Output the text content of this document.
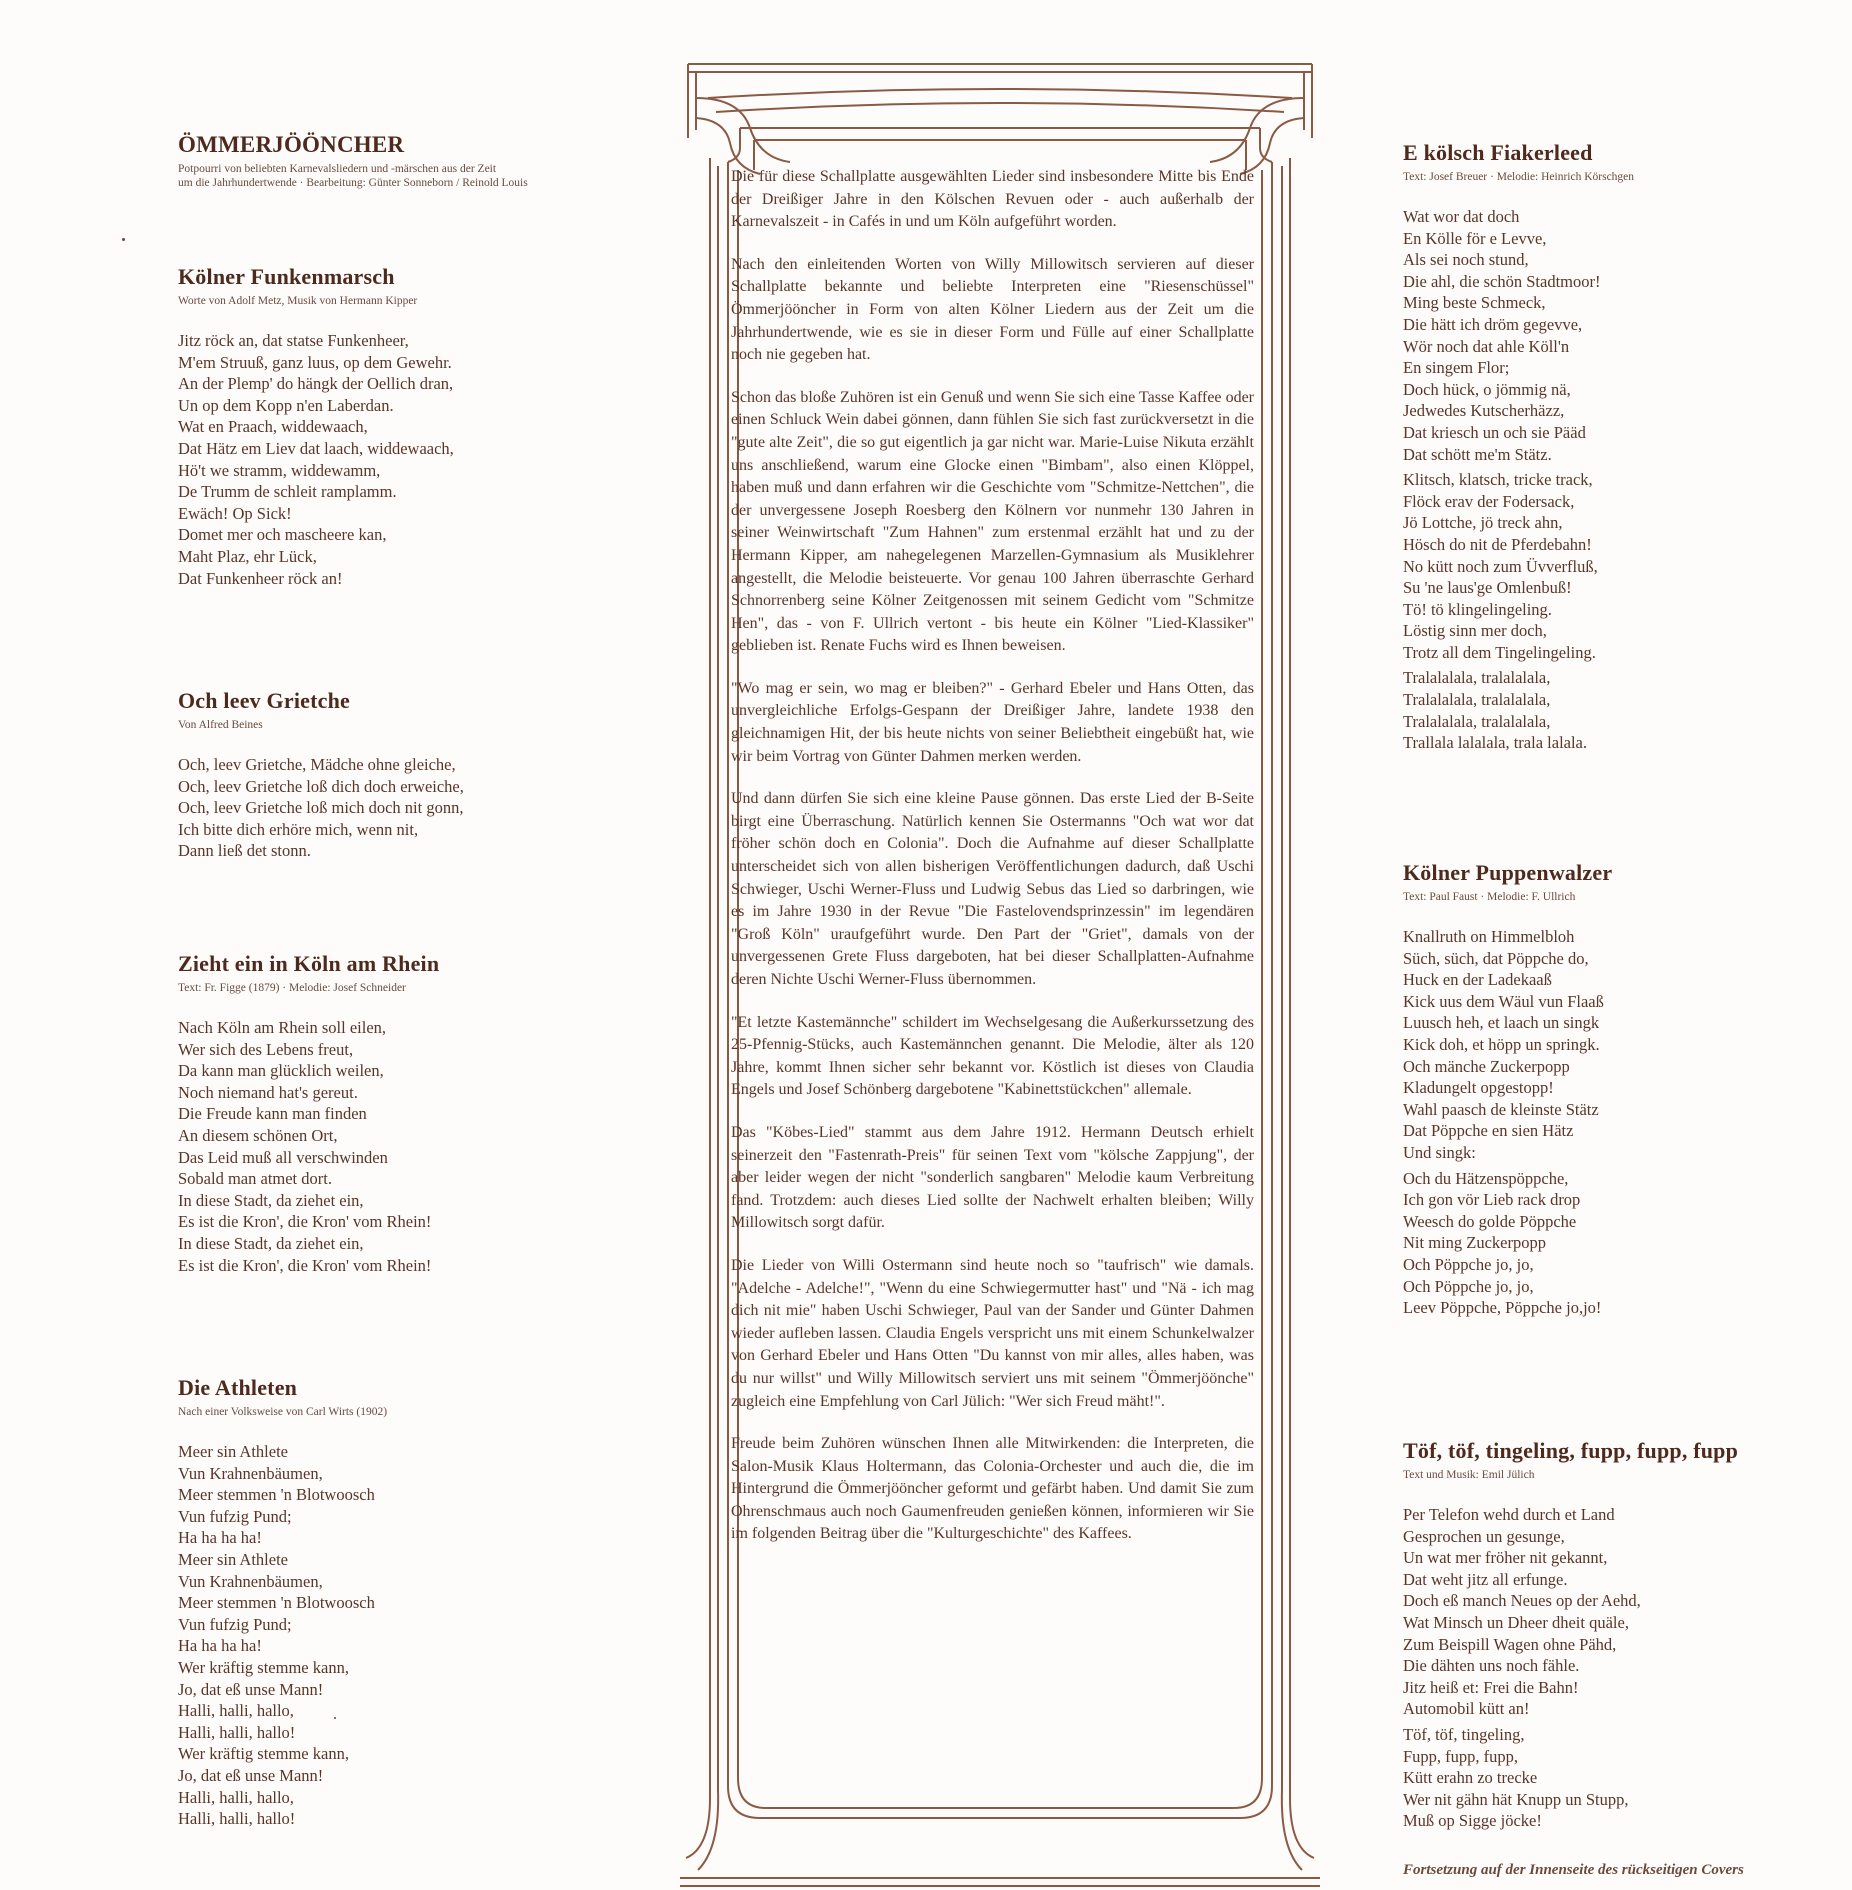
ÖMMERJÖÖNCHER
Potpourri von beliebten Karnevalsliedern und -märschen aus der Zeit
um die Jahrhundertwende · Bearbeitung: Günter Sonneborn / Reinold Louis
Kölner Funkenmarsch
Worte von Adolf Metz, Musik von Hermann Kipper
Jitz röck an, dat statse Funkenheer,
M'em Struuß, ganz luus, op dem Gewehr.
An der Plemp' do hängk der Oellich dran,
Un op dem Kopp n'en Laberdan.
Wat en Praach, widdewaach,
Dat Hätz em Liev dat laach, widdewaach,
Hö't we stramm, widdewamm,
De Trumm de schleit ramplamm.
Ewäch! Op Sick!
Domet mer och mascheere kan,
Maht Plaz, ehr Lück,
Dat Funkenheer röck an!
Och leev Grietche
Von Alfred Beines
Och, leev Grietche, Mädche ohne gleiche,
Och, leev Grietche loß dich doch erweiche,
Och, leev Grietche loß mich doch nit gonn,
Ich bitte dich erhöre mich, wenn nit,
Dann ließ det stonn.
Zieht ein in Köln am Rhein
Text: Fr. Figge (1879) · Melodie: Josef Schneider
Nach Köln am Rhein soll eilen,
Wer sich des Lebens freut,
Da kann man glücklich weilen,
Noch niemand hat's gereut.
Die Freude kann man finden
An diesem schönen Ort,
Das Leid muß all verschwinden
Sobald man atmet dort.
In diese Stadt, da ziehet ein,
Es ist die Kron', die Kron' vom Rhein!
In diese Stadt, da ziehet ein,
Es ist die Kron', die Kron' vom Rhein!
Die Athleten
Nach einer Volksweise von Carl Wirts (1902)
Meer sin Athlete
Vun Krahnenbäumen,
Meer stemmen 'n Blotwoosch
Vun fufzig Pund;
Ha ha ha ha!
Meer sin Athlete
Vun Krahnenbäumen,
Meer stemmen 'n Blotwoosch
Vun fufzig Pund;
Ha ha ha ha!
Wer kräftig stemme kann,
Jo, dat eß unse Mann!
Halli, halli, hallo,
Halli, halli, hallo!
Wer kräftig stemme kann,
Jo, dat eß unse Mann!
Halli, halli, hallo,
Halli, halli, hallo!

Die für diese Schallplatte ausgewählten Lieder sind insbesondere Mitte bis Ende der Dreißiger Jahre in den Kölschen Revuen oder - auch außerhalb der Karnevalszeit - in Cafés in und um Köln aufgeführt worden.

Nach den einleitenden Worten von Willy Millowitsch servieren auf dieser Schallplatte bekannte und beliebte Interpreten eine "Riesenschüssel" Ömmerjööncher in Form von alten Kölner Liedern aus der Zeit um die Jahrhundertwende, wie es sie in dieser Form und Fülle auf einer Schallplatte noch nie gegeben hat.

Schon das bloße Zuhören ist ein Genuß und wenn Sie sich eine Tasse Kaffee oder einen Schluck Wein dabei gönnen, dann fühlen Sie sich fast zurückversetzt in die "gute alte Zeit", die so gut eigentlich ja gar nicht war. Marie-Luise Nikuta erzählt uns anschließend, warum eine Glocke einen "Bimbam", also einen Klöppel, haben muß und dann erfahren wir die Geschichte vom "Schmitze-Nettchen", die der unvergessene Joseph Roesberg den Kölnern vor nunmehr 130 Jahren in seiner Weinwirtschaft "Zum Hahnen" zum erstenmal erzählt hat und zu der Hermann Kipper, am nahegelegenen Marzellen-Gymnasium als Musiklehrer angestellt, die Melodie beisteuerte. Vor genau 100 Jahren überraschte Gerhard Schnorrenberg seine Kölner Zeitgenossen mit seinem Gedicht vom "Schmitze Hen", das - von F. Ullrich vertont - bis heute ein Kölner "Lied-Klassiker" geblieben ist. Renate Fuchs wird es Ihnen beweisen.

"Wo mag er sein, wo mag er bleiben?" - Gerhard Ebeler und Hans Otten, das unvergleichliche Erfolgs-Gespann der Dreißiger Jahre, landete 1938 den gleichnamigen Hit, der bis heute nichts von seiner Beliebtheit eingebüßt hat, wie wir beim Vortrag von Günter Dahmen merken werden.

Und dann dürfen Sie sich eine kleine Pause gönnen. Das erste Lied der B-Seite birgt eine Überraschung. Natürlich kennen Sie Ostermanns "Och wat wor dat fröher schön doch en Colonia". Doch die Aufnahme auf dieser Schallplatte unterscheidet sich von allen bisherigen Veröffentlichungen dadurch, daß Uschi Schwieger, Uschi Werner-Fluss und Ludwig Sebus das Lied so darbringen, wie es im Jahre 1930 in der Revue "Die Fastelovendsprinzessin" im legendären "Groß Köln" uraufgeführt wurde. Den Part der "Griet", damals von der unvergessenen Grete Fluss dargeboten, hat bei dieser Schallplatten-Aufnahme deren Nichte Uschi Werner-Fluss übernommen.

"Et letzte Kastemännche" schildert im Wechselgesang die Außerkurssetzung des 25-Pfennig-Stücks, auch Kastemännchen genannt. Die Melodie, älter als 120 Jahre, kommt Ihnen sicher sehr bekannt vor. Köstlich ist dieses von Claudia Engels und Josef Schönberg dargebotene "Kabinettstückchen" allemale.

Das "Köbes-Lied" stammt aus dem Jahre 1912. Hermann Deutsch erhielt seinerzeit den "Fastenrath-Preis" für seinen Text vom "kölsche Zappjung", der aber leider wegen der nicht "sonderlich sangbaren" Melodie kaum Verbreitung fand. Trotzdem: auch dieses Lied sollte der Nachwelt erhalten bleiben; Willy Millowitsch sorgt dafür.

Die Lieder von Willi Ostermann sind heute noch so "taufrisch" wie damals. "Adelche - Adelche!", "Wenn du eine Schwiegermutter hast" und "Nä - ich mag dich nit mie" haben Uschi Schwieger, Paul van der Sander und Günter Dahmen wieder aufleben lassen. Claudia Engels verspricht uns mit einem Schunkelwalzer von Gerhard Ebeler und Hans Otten "Du kannst von mir alles, alles haben, was du nur willst" und Willy Millowitsch serviert uns mit seinem "Ömmerjöönche" zugleich eine Empfehlung von Carl Jülich: "Wer sich Freud mäht!".

Freude beim Zuhören wünschen Ihnen alle Mitwirkenden: die Interpreten, die Salon-Musik Klaus Holtermann, das Colonia-Orchester und auch die, die im Hintergrund die Ömmerjööncher geformt und gefärbt haben. Und damit Sie zum Ohrenschmaus auch noch Gaumenfreuden genießen können, informieren wir Sie im folgenden Beitrag über die "Kulturgeschichte" des Kaffees.

E kölsch Fiakerleed
Text: Josef Breuer · Melodie: Heinrich Körschgen
Wat wor dat doch
En Kölle för e Levve,
Als sei noch stund,
Die ahl, die schön Stadtmoor!
Ming beste Schmeck,
Die hätt ich dröm gegevve,
Wör noch dat ahle Köll'n
En singem Flor;
Doch hück, o jömmig nä,
Jedwedes Kutscherhäzz,
Dat kriesch un och sie Pääd
Dat schött me'm Stätz.
Klitsch, klatsch, tricke track,
Flöck erav der Fodersack,
Jö Lottche, jö treck ahn,
Hösch do nit de Pferdebahn!
No kütt noch zum Üvverfluß,
Su 'ne laus'ge Omlenbuß!
Tö! tö klingelingeling.
Löstig sinn mer doch,
Trotz all dem Tingelingeling.
Tralalalala, tralalalala,
Tralalalala, tralalalala,
Tralalalala, tralalalala,
Trallala lalalala, trala lalala.
Kölner Puppenwalzer
Text: Paul Faust · Melodie: F. Ullrich
Knallruth on Himmelbloh
Süch, süch, dat Pöppche do,
Huck en der Ladekaaß
Kick uus dem Wäul vun Flaaß
Luusch heh, et laach un singk
Kick doh, et höpp un springk.
Och mänche Zuckerpopp
Kladungelt opgestopp!
Wahl paasch de kleinste Stätz
Dat Pöppche en sien Hätz
Und singk:
Och du Hätzenspöppche,
Ich gon vör Lieb rack drop
Weesch do golde Pöppche
Nit ming Zuckerpopp
Och Pöppche jo, jo,
Och Pöppche jo, jo,
Leev Pöppche, Pöppche jo,jo!
Töf, töf, tingeling, fupp, fupp, fupp
Text und Musik: Emil Jülich
Per Telefon wehd durch et Land
Gesprochen un gesunge,
Un wat mer fröher nit gekannt,
Dat weht jitz all erfunge.
Doch eß manch Neues op der Aehd,
Wat Minsch un Dheer dheit quäle,
Zum Beispill Wagen ohne Pähd,
Die dähten uns noch fähle.
Jitz heiß et: Frei die Bahn!
Automobil kütt an!
Töf, töf, tingeling,
Fupp, fupp, fupp,
Kütt erahn zo trecke
Wer nit gähn hät Knupp un Stupp,
Muß op Sigge jöcke!
Fortsetzung auf der Innenseite des rückseitigen Covers
